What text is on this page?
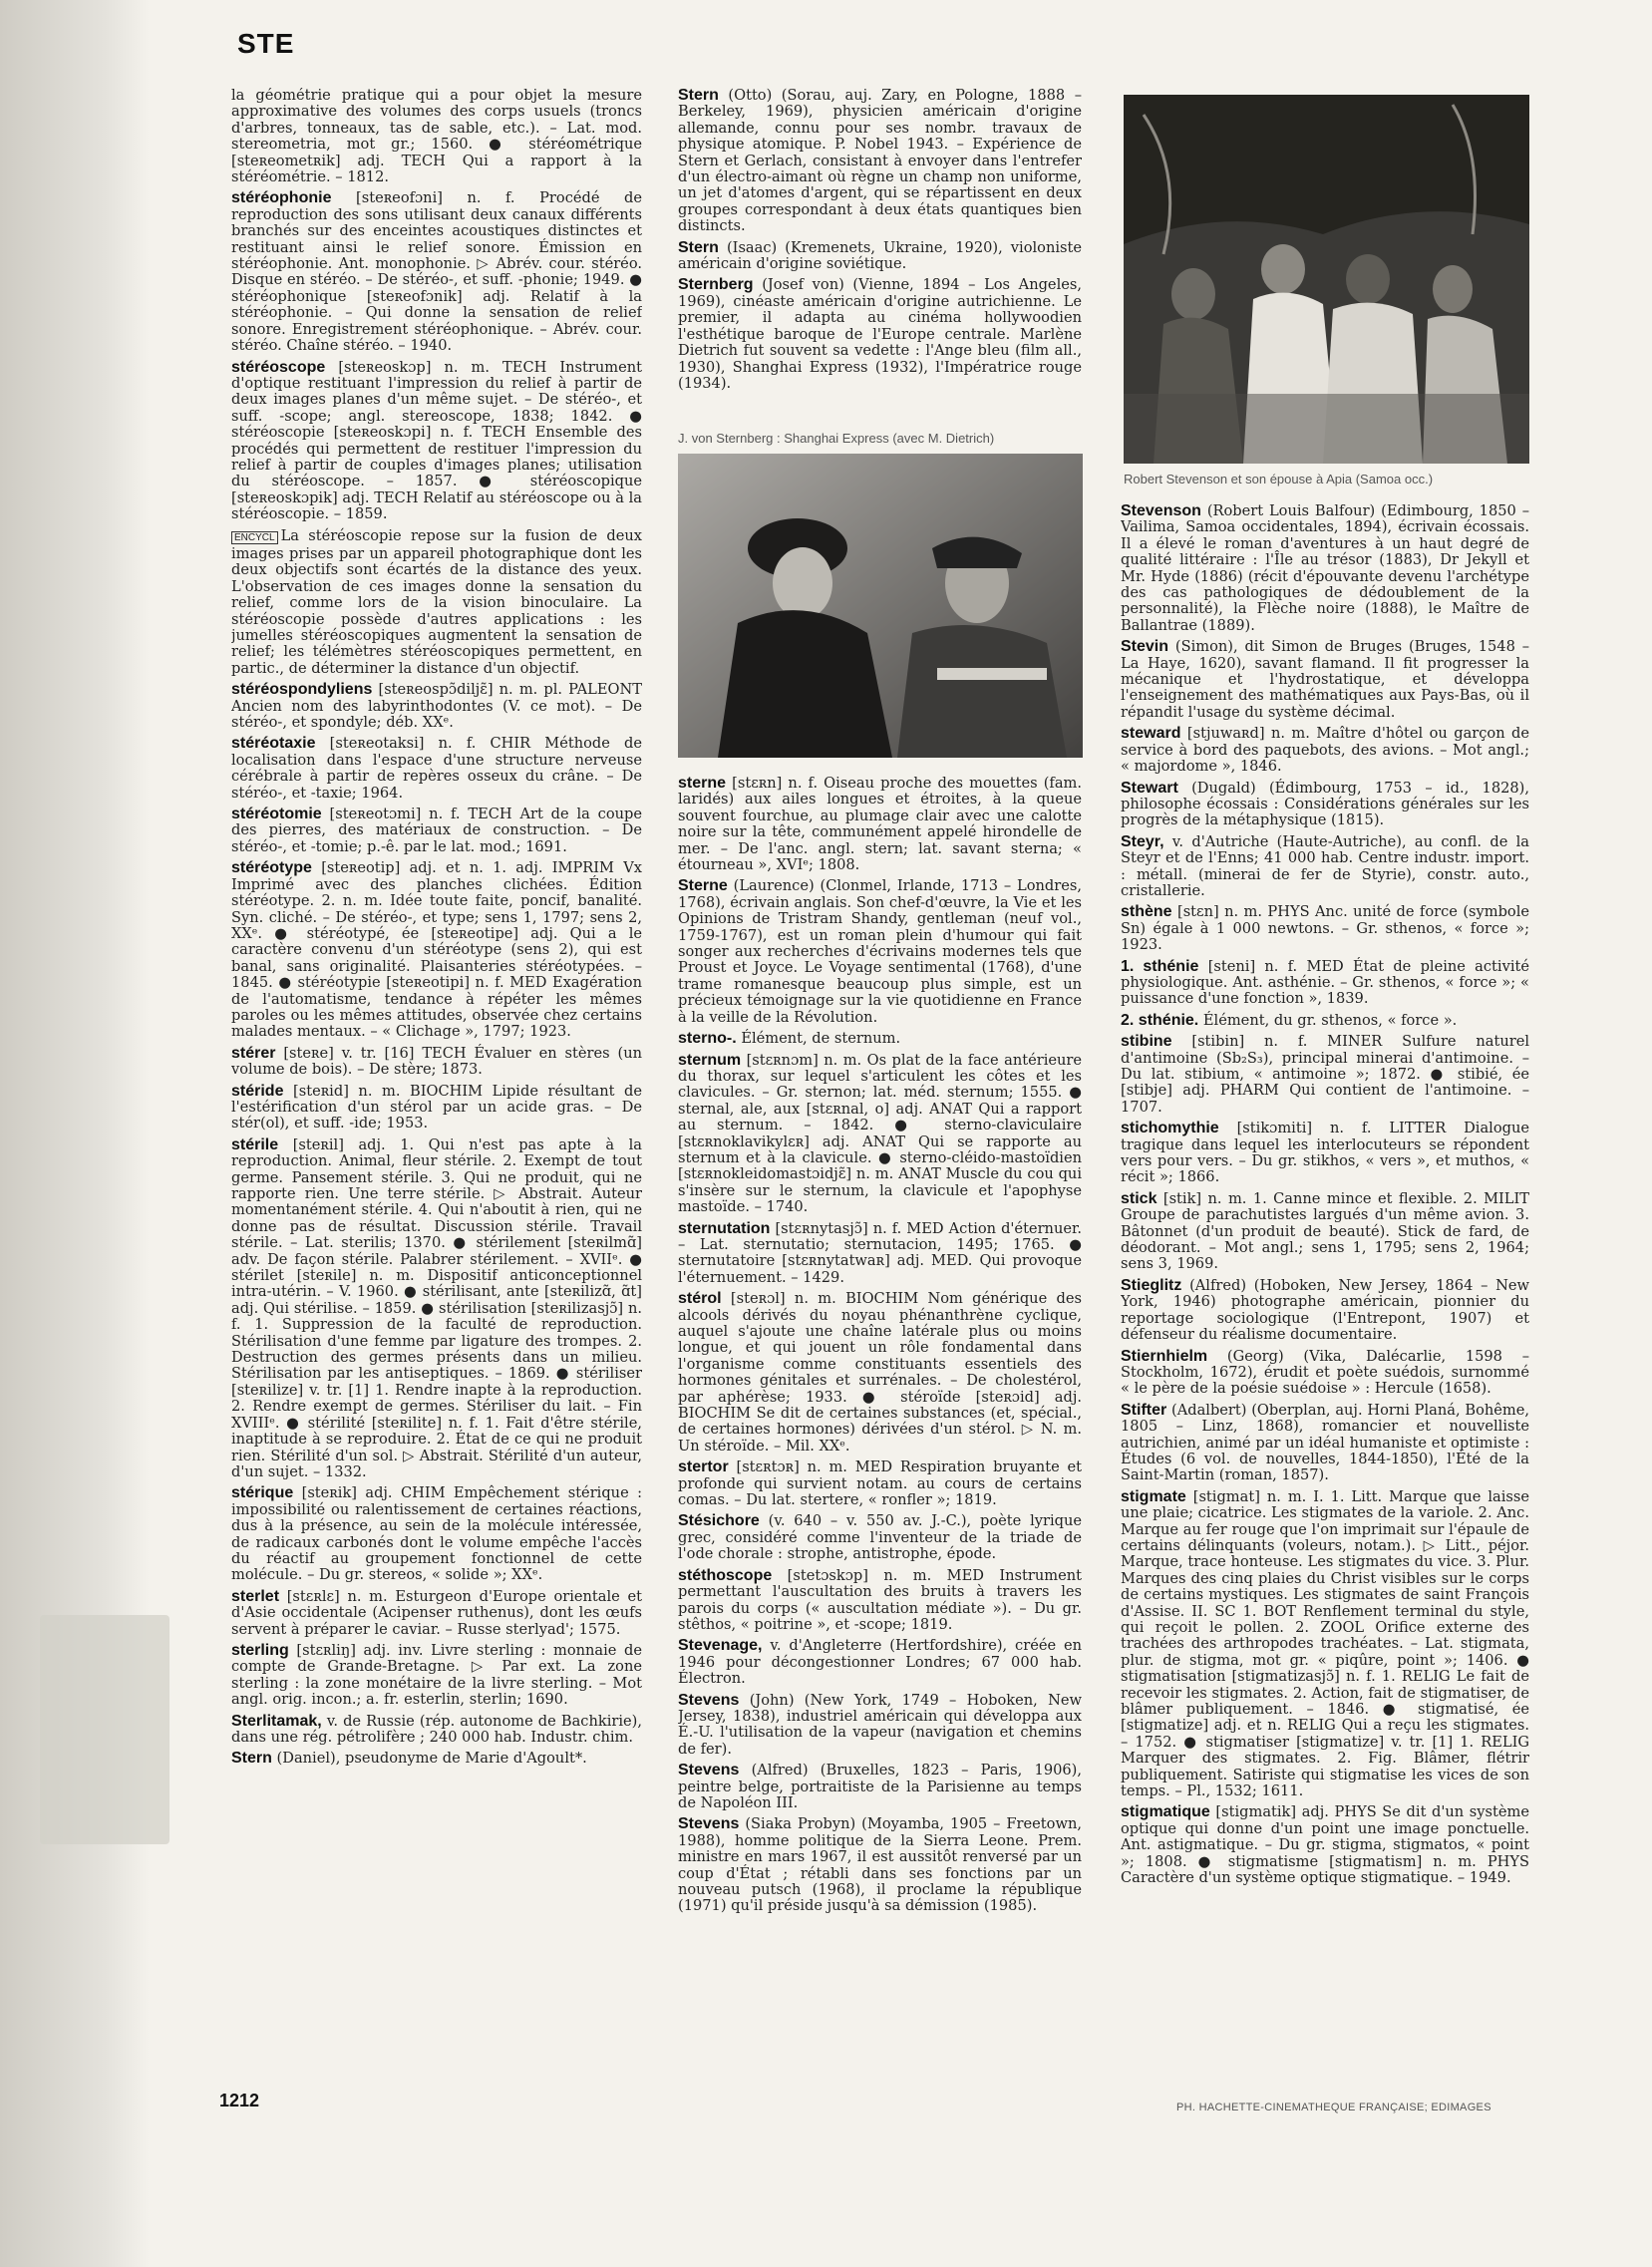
STE
la géométrie pratique qui a pour objet la mesure approximative des volumes des corps usuels (troncs d'arbres, tonneaux, tas de sable, etc.). – Lat. mod. stereometria, mot gr.; 1560. ● stéréométrique [steʀeometʀik] adj. TECH Qui a rapport à la stéréométrie. – 1812.
stéréophonie [steʀeofɔni] n. f. Procédé de reproduction des sons utilisant deux canaux différents branchés sur des enceintes acoustiques distinctes et restituant ainsi le relief sonore. Émission en stéréophonie. Ant. monophonie. ▷ Abrév. cour. stéréo. Disque en stéréo. – De stéréo-, et suff. -phonie; 1949. ● stéréophonique [steʀeofɔnik] adj. Relatif à la stéréophonie. – Qui donne la sensation de relief sonore. Enregistrement stéréophonique. – Abrév. cour. stéréo. Chaîne stéréo. – 1940.
stéréoscope [steʀeoskɔp] n. m. TECH Instrument d'optique restituant l'impression du relief à partir de deux images planes d'un même sujet. – De stéréo-, et suff. -scope; angl. stereoscope, 1838; 1842. ● stéréoscopie [steʀeoskɔpi] n. f. TECH Ensemble des procédés qui permettent de restituer l'impression du relief à partir de couples d'images planes; utilisation du stéréoscope. – 1857. ● stéréoscopique [steʀeoskɔpik] adj. TECH Relatif au stéréoscope ou à la stéréoscopie. – 1859.
ENCYCL La stéréoscopie repose sur la fusion de deux images prises par un appareil photographique dont les deux objectifs sont écartés de la distance des yeux. L'observation de ces images donne la sensation du relief, comme lors de la vision binoculaire. La stéréoscopie possède d'autres applications : les jumelles stéréoscopiques augmentent la sensation de relief; les télémètres stéréoscopiques permettent, en partic., de déterminer la distance d'un objectif.
stéréospondyliens [steʀeospɔ̃diljɛ̃] n. m. pl. PALEONT Ancien nom des labyrinthodontes (V. ce mot). – De stéréo-, et spondyle; déb. XXᵉ.
stéréotaxie [steʀeotaksi] n. f. CHIR Méthode de localisation dans l'espace d'une structure nerveuse cérébrale à partir de repères osseux du crâne. – De stéréo-, et -taxie; 1964.
stéréotomie [steʀeotɔmi] n. f. TECH Art de la coupe des pierres, des matériaux de construction. – De stéréo-, et -tomie; p.-ê. par le lat. mod.; 1691.
stéréotype [steʀeotip] adj. et n. 1. adj. IMPRIM Vx Imprimé avec des planches clichées. Édition stéréotype. 2. n. m. Idée toute faite, poncif, banalité. Syn. cliché. – De stéréo-, et type; sens 1, 1797; sens 2, XXᵉ. ● stéréotypé, ée [steʀeotipe] adj. Qui a le caractère convenu d'un stéréotype (sens 2), qui est banal, sans originalité. Plaisanteries stéréotypées. – 1845. ● stéréotypie [steʀeotipi] n. f. MED Exagération de l'automatisme, tendance à répéter les mêmes paroles ou les mêmes attitudes, observée chez certains malades mentaux. – « Clichage », 1797; 1923.
stérer [steʀe] v. tr. [16] TECH Évaluer en stères (un volume de bois). – De stère; 1873.
stéride [steʀid] n. m. BIOCHIM Lipide résultant de l'estérification d'un stérol par un acide gras. – De stér(ol), et suff. -ide; 1953.
stérile [steʀil] adj. 1. Qui n'est pas apte à la reproduction. Animal, fleur stérile. 2. Exempt de tout germe. Pansement stérile. 3. Qui ne produit, qui ne rapporte rien. Une terre stérile. ▷ Abstrait. Auteur momentanément stérile. 4. Qui n'aboutit à rien, qui ne donne pas de résultat. Discussion stérile. Travail stérile. – Lat. sterilis; 1370. ● stérilement [steʀilmɑ̃] adv. De façon stérile. Palabrer stérilement. – XVIIᵉ. ● stérilet [steʀile] n. m. Dispositif anticonceptionnel intra-utérin. – V. 1960. ● stérilisant, ante [steʀilizɑ̃, ɑ̃t] adj. Qui stérilise. – 1859. ● stérilisation [steʀilizasjɔ̃] n. f. 1. Suppression de la faculté de reproduction. Stérilisation d'une femme par ligature des trompes. 2. Destruction des germes présents dans un milieu. Stérilisation par les antiseptiques. – 1869. ● stériliser [steʀilize] v. tr. [1] 1. Rendre inapte à la reproduction. 2. Rendre exempt de germes. Stériliser du lait. – Fin XVIIIᵉ. ● stérilité [steʀilite] n. f. 1. Fait d'être stérile, inaptitude à se reproduire. 2. État de ce qui ne produit rien. Stérilité d'un sol. ▷ Abstrait. Stérilité d'un auteur, d'un sujet. – 1332.
stérique [steʀik] adj. CHIM Empêchement stérique : impossibilité ou ralentissement de certaines réactions, dus à la présence, au sein de la molécule intéressée, de radicaux carbonés dont le volume empêche l'accès du réactif au groupement fonctionnel de cette molécule. – Du gr. stereos, « solide »; XXᵉ.
sterlet [stɛʀlɛ] n. m. Esturgeon d'Europe orientale et d'Asie occidentale (Acipenser ruthenus), dont les œufs servent à préparer le caviar. – Russe sterlyad'; 1575.
sterling [stɛʀliŋ] adj. inv. Livre sterling : monnaie de compte de Grande-Bretagne. ▷ Par ext. La zone sterling : la zone monétaire de la livre sterling. – Mot angl. orig. incon.; a. fr. esterlin, sterlin; 1690.
Sterlitamak, v. de Russie (rép. autonome de Bachkirie), dans une rég. pétrolifère ; 240 000 hab. Industr. chim.
Stern (Daniel), pseudonyme de Marie d'Agoult*.
Stern (Otto) (Sorau, auj. Zary, en Pologne, 1888 – Berkeley, 1969), physicien américain d'origine allemande, connu pour ses nombr. travaux de physique atomique. P. Nobel 1943. – Expérience de Stern et Gerlach, consistant à envoyer dans l'entrefer d'un électro-aimant où règne un champ non uniforme, un jet d'atomes d'argent, qui se répartissent en deux groupes correspondant à deux états quantiques bien distincts.
Stern (Isaac) (Kremenets, Ukraine, 1920), violoniste américain d'origine soviétique.
Sternberg (Josef von) (Vienne, 1894 – Los Angeles, 1969), cinéaste américain d'origine autrichienne. Le premier, il adapta au cinéma hollywoodien l'esthétique baroque de l'Europe centrale. Marlène Dietrich fut souvent sa vedette : l'Ange bleu (film all., 1930), Shanghai Express (1932), l'Impératrice rouge (1934).
J. von Sternberg : Shanghai Express (avec M. Dietrich)
sterne [stɛʀn] n. f. Oiseau proche des mouettes (fam. laridés) aux ailes longues et étroites, à la queue souvent fourchue, au plumage clair avec une calotte noire sur la tête, communément appelé hirondelle de mer. – De l'anc. angl. stern; lat. savant sterna; « étourneau », XVIᵉ; 1808.
Sterne (Laurence) (Clonmel, Irlande, 1713 – Londres, 1768), écrivain anglais. Son chef-d'œuvre, la Vie et les Opinions de Tristram Shandy, gentleman (neuf vol., 1759-1767), est un roman plein d'humour qui fait songer aux recherches d'écrivains modernes tels que Proust et Joyce. Le Voyage sentimental (1768), d'une trame romanesque beaucoup plus simple, est un précieux témoignage sur la vie quotidienne en France à la veille de la Révolution.
sterno-. Élément, de sternum.
sternum [stɛʀnɔm] n. m. Os plat de la face antérieure du thorax, sur lequel s'articulent les côtes et les clavicules. – Gr. sternon; lat. méd. sternum; 1555. ● sternal, ale, aux [stɛʀnal, o] adj. ANAT Qui a rapport au sternum. – 1842. ● sterno-claviculaire [stɛʀnoklavikylɛʀ] adj. ANAT Qui se rapporte au sternum et à la clavicule. ● sterno-cléido-mastoïdien [stɛʀnokleidomastɔidjɛ̃] n. m. ANAT Muscle du cou qui s'insère sur le sternum, la clavicule et l'apophyse mastoïde. – 1740.
sternutation [stɛʀnytasjɔ̃] n. f. MED Action d'éternuer. – Lat. sternutatio; sternutacion, 1495; 1765. ● sternutatoire [stɛʀnytatwaʀ] adj. MED. Qui provoque l'éternuement. – 1429.
stérol [steʀɔl] n. m. BIOCHIM Nom générique des alcools dérivés du noyau phénanthrène cyclique, auquel s'ajoute une chaîne latérale plus ou moins longue, et qui jouent un rôle fondamental dans l'organisme comme constituants essentiels des hormones génitales et surrénales. – De cholestérol, par aphérèse; 1933. ● stéroïde [steʀɔid] adj. BIOCHIM Se dit de certaines substances (et, spécial., de certaines hormones) dérivées d'un stérol. ▷ N. m. Un stéroïde. – Mil. XXᵉ.
stertor [stɛʀtɔʀ] n. m. MED Respiration bruyante et profonde qui survient notam. au cours de certains comas. – Du lat. stertere, « ronfler »; 1819.
Stésichore (v. 640 – v. 550 av. J.-C.), poète lyrique grec, considéré comme l'inventeur de la triade de l'ode chorale : strophe, antistrophe, épode.
stéthoscope [stetɔskɔp] n. m. MED Instrument permettant l'auscultation des bruits à travers les parois du corps (« auscultation médiate »). – Du gr. stêthos, « poitrine », et -scope; 1819.
Stevenage, v. d'Angleterre (Hertfordshire), créée en 1946 pour décongestionner Londres; 67 000 hab. Électron.
Stevens (John) (New York, 1749 – Hoboken, New Jersey, 1838), industriel américain qui développa aux É.-U. l'utilisation de la vapeur (navigation et chemins de fer).
Stevens (Alfred) (Bruxelles, 1823 – Paris, 1906), peintre belge, portraitiste de la Parisienne au temps de Napoléon III.
Stevens (Siaka Probyn) (Moyamba, 1905 – Freetown, 1988), homme politique de la Sierra Leone. Prem. ministre en mars 1967, il est aussitôt renversé par un coup d'État ; rétabli dans ses fonctions par un nouveau putsch (1968), il proclame la république (1971) qu'il préside jusqu'à sa démission (1985).
Robert Stevenson et son épouse à Apia (Samoa occ.)
Stevenson (Robert Louis Balfour) (Édimbourg, 1850 – Vailima, Samoa occidentales, 1894), écrivain écossais. Il a élevé le roman d'aventures à un haut degré de qualité littéraire : l'Île au trésor (1883), Dr Jekyll et Mr. Hyde (1886) (récit d'épouvante devenu l'archétype des cas pathologiques de dédoublement de la personnalité), la Flèche noire (1888), le Maître de Ballantrae (1889).
Stevin (Simon), dit Simon de Bruges (Bruges, 1548 – La Haye, 1620), savant flamand. Il fit progresser la mécanique et l'hydrostatique, et développa l'enseignement des mathématiques aux Pays-Bas, où il répandit l'usage du système décimal.
steward [stjuwaʀd] n. m. Maître d'hôtel ou garçon de service à bord des paquebots, des avions. – Mot angl.; « majordome », 1846.
Stewart (Dugald) (Édimbourg, 1753 – id., 1828), philosophe écossais : Considérations générales sur les progrès de la métaphysique (1815).
Steyr, v. d'Autriche (Haute-Autriche), au confl. de la Steyr et de l'Enns; 41 000 hab. Centre industr. import. : métall. (minerai de fer de Styrie), constr. auto., cristallerie.
sthène [stɛn] n. m. PHYS Anc. unité de force (symbole Sn) égale à 1 000 newtons. – Gr. sthenos, « force »; 1923.
1. sthénie [steni] n. f. MED État de pleine activité physiologique. Ant. asthénie. – Gr. sthenos, « force »; « puissance d'une fonction », 1839.
2. sthénie. Élément, du gr. sthenos, « force ».
stibine [stibin] n. f. MINER Sulfure naturel d'antimoine (Sb₂S₃), principal minerai d'antimoine. – Du lat. stibium, « antimoine »; 1872. ● stibié, ée [stibje] adj. PHARM Qui contient de l'antimoine. – 1707.
stichomythie [stikɔmiti] n. f. LITTER Dialogue tragique dans lequel les interlocuteurs se répondent vers pour vers. – Du gr. stikhos, « vers », et muthos, « récit »; 1866.
stick [stik] n. m. 1. Canne mince et flexible. 2. MILIT Groupe de parachutistes largués d'un même avion. 3. Bâtonnet (d'un produit de beauté). Stick de fard, de déodorant. – Mot angl.; sens 1, 1795; sens 2, 1964; sens 3, 1969.
Stieglitz (Alfred) (Hoboken, New Jersey, 1864 – New York, 1946) photographe américain, pionnier du reportage sociologique (l'Entrepont, 1907) et défenseur du réalisme documentaire.
Stiernhielm (Georg) (Vika, Dalécarlie, 1598 – Stockholm, 1672), érudit et poète suédois, surnommé « le père de la poésie suédoise » : Hercule (1658).
Stifter (Adalbert) (Oberplan, auj. Horni Planá, Bohême, 1805 – Linz, 1868), romancier et nouvelliste autrichien, animé par un idéal humaniste et optimiste : Études (6 vol. de nouvelles, 1844-1850), l'Été de la Saint-Martin (roman, 1857).
stigmate [stigmat] n. m. I. 1. Litt. Marque que laisse une plaie; cicatrice. Les stigmates de la variole. 2. Anc. Marque au fer rouge que l'on imprimait sur l'épaule de certains délinquants (voleurs, notam.). ▷ Litt., péjor. Marque, trace honteuse. Les stigmates du vice. 3. Plur. Marques des cinq plaies du Christ visibles sur le corps de certains mystiques. Les stigmates de saint François d'Assise. II. SC 1. BOT Renflement terminal du style, qui reçoit le pollen. 2. ZOOL Orifice externe des trachées des arthropodes trachéates. – Lat. stigmata, plur. de stigma, mot gr. « piqûre, point »; 1406. ● stigmatisation [stigmatizasjɔ̃] n. f. 1. RELIG Le fait de recevoir les stigmates. 2. Action, fait de stigmatiser, de blâmer publiquement. – 1846. ● stigmatisé, ée [stigmatize] adj. et n. RELIG Qui a reçu les stigmates. – 1752. ● stigmatiser [stigmatize] v. tr. [1] 1. RELIG Marquer des stigmates. 2. Fig. Blâmer, flétrir publiquement. Satiriste qui stigmatise les vices de son temps. – Pl., 1532; 1611.
stigmatique [stigmatik] adj. PHYS Se dit d'un système optique qui donne d'un point une image ponctuelle. Ant. astigmatique. – Du gr. stigma, stigmatos, « point »; 1808. ● stigmatisme [stigmatism] n. m. PHYS Caractère d'un système optique stigmatique. – 1949.
1212	PH. HACHETTE-CINEMATHEQUE FRANÇAISE; EDIMAGES
